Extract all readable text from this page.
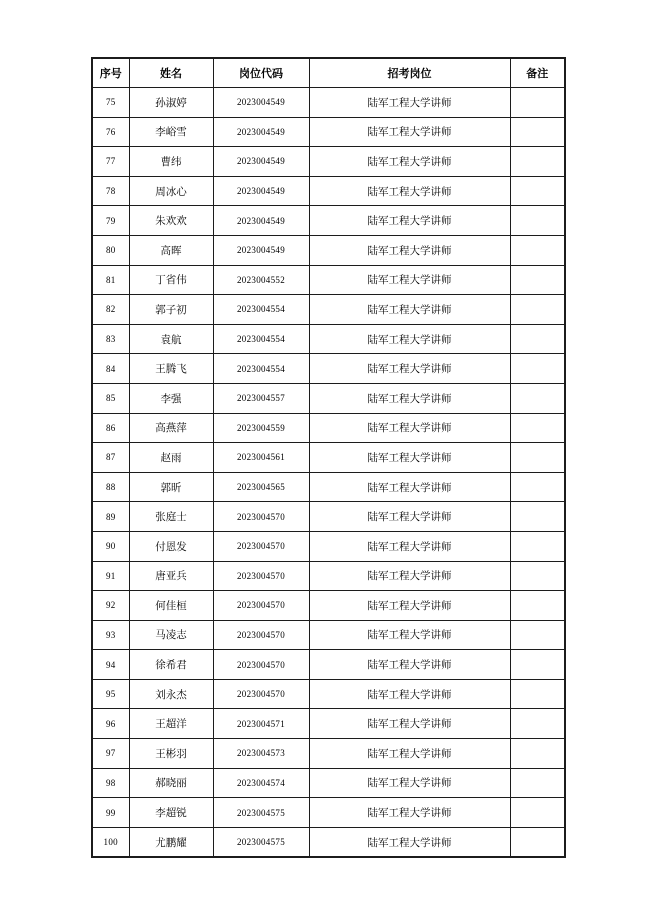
序号	姓名	岗位代码	招考岗位	备注
75	孙淑婷	2023004549	陆军工程大学讲师	
76	李峪雪	2023004549	陆军工程大学讲师	
77	曹纬	2023004549	陆军工程大学讲师	
78	周冰心	2023004549	陆军工程大学讲师	
79	朱欢欢	2023004549	陆军工程大学讲师	
80	高晖	2023004549	陆军工程大学讲师	
81	丁省伟	2023004552	陆军工程大学讲师	
82	郭子初	2023004554	陆军工程大学讲师	
83	袁航	2023004554	陆军工程大学讲师	
84	王腾飞	2023004554	陆军工程大学讲师	
85	李强	2023004557	陆军工程大学讲师	
86	高燕萍	2023004559	陆军工程大学讲师	
87	赵雨	2023004561	陆军工程大学讲师	
88	郭昕	2023004565	陆军工程大学讲师	
89	张庭士	2023004570	陆军工程大学讲师	
90	付恩发	2023004570	陆军工程大学讲师	
91	唐亚兵	2023004570	陆军工程大学讲师	
92	何佳桓	2023004570	陆军工程大学讲师	
93	马凌志	2023004570	陆军工程大学讲师	
94	徐希君	2023004570	陆军工程大学讲师	
95	刘永杰	2023004570	陆军工程大学讲师	
96	王超洋	2023004571	陆军工程大学讲师	
97	王彬羽	2023004573	陆军工程大学讲师	
98	郝晓丽	2023004574	陆军工程大学讲师	
99	李超锐	2023004575	陆军工程大学讲师	
100	尤鹏耀	2023004575	陆军工程大学讲师	
